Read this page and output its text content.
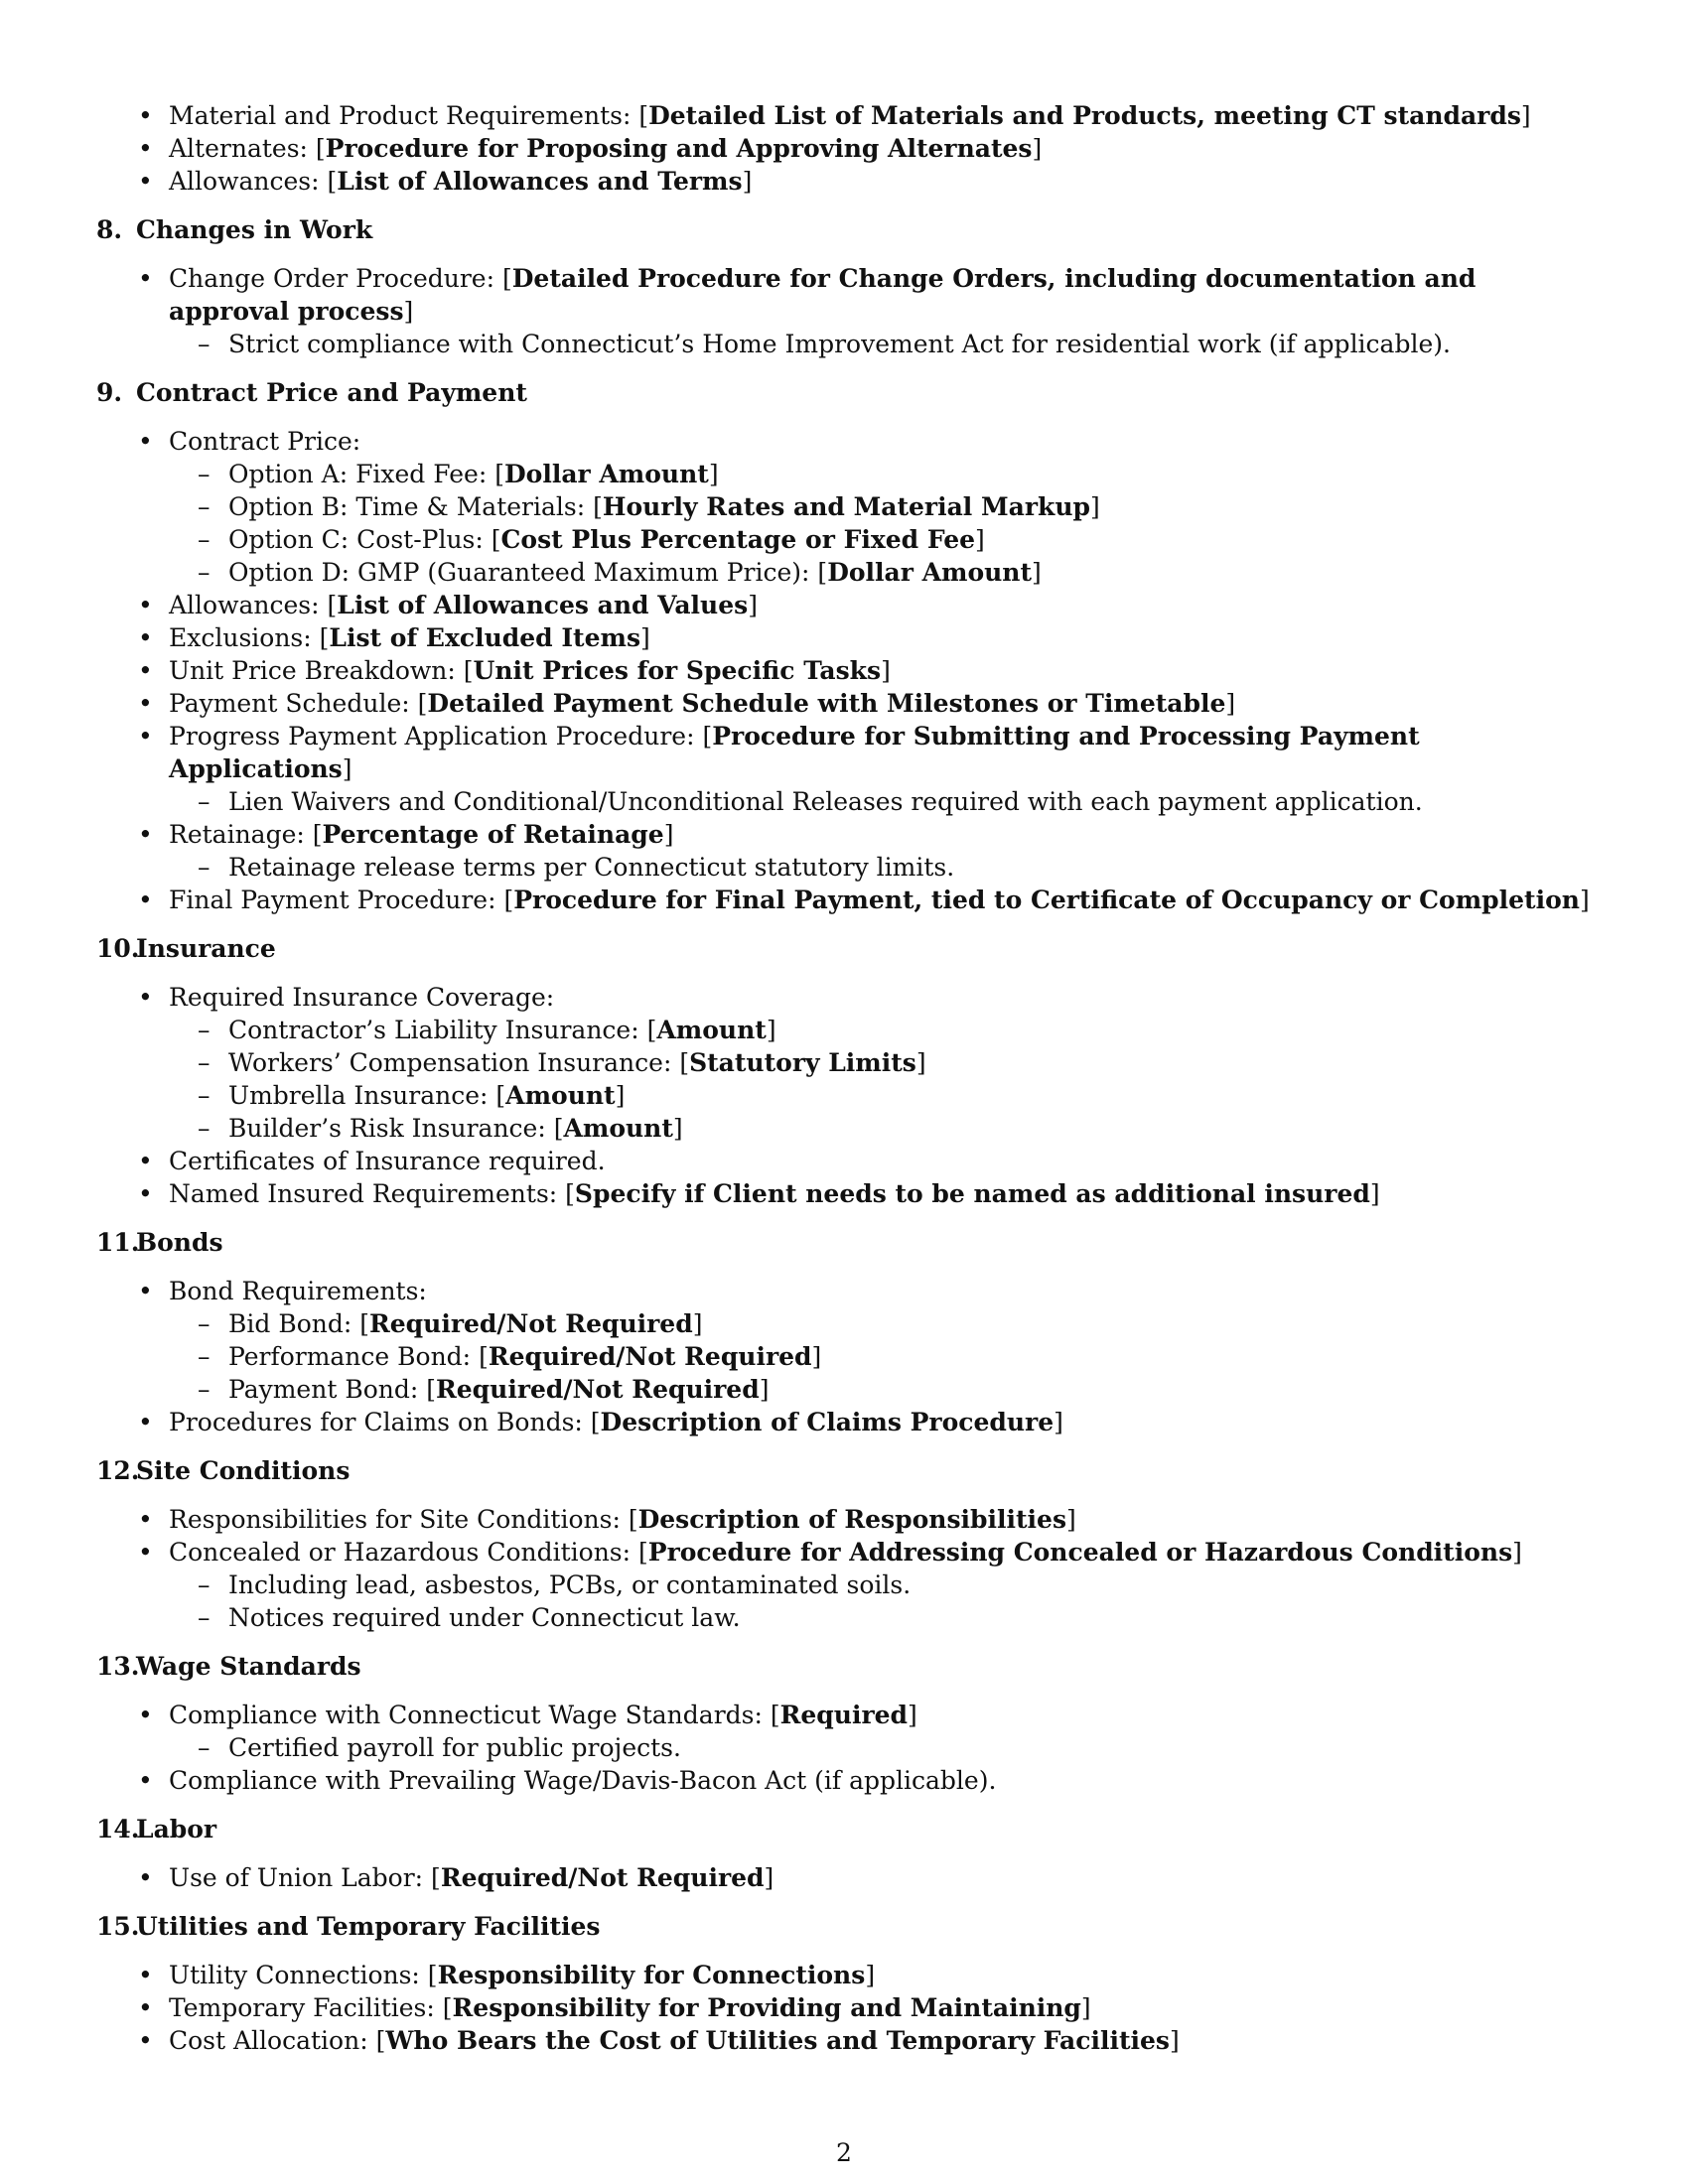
• Material and Product Requirements: [Detailed List of Materials and Products, meeting CT standards]
• Alternates: [Procedure for Proposing and Approving Alternates]
• Allowances: [List of Allowances and Terms]
8. Changes in Work
• Change Order Procedure: [Detailed Procedure for Change Orders, including documentation and approval process]
– Strict compliance with Connecticut’s Home Improvement Act for residential work (if applicable).
9. Contract Price and Payment
• Contract Price:
– Option A: Fixed Fee: [Dollar Amount]
– Option B: Time & Materials: [Hourly Rates and Material Markup]
– Option C: Cost-Plus: [Cost Plus Percentage or Fixed Fee]
– Option D: GMP (Guaranteed Maximum Price): [Dollar Amount]
• Allowances: [List of Allowances and Values]
• Exclusions: [List of Excluded Items]
• Unit Price Breakdown: [Unit Prices for Specific Tasks]
• Payment Schedule: [Detailed Payment Schedule with Milestones or Timetable]
• Progress Payment Application Procedure: [Procedure for Submitting and Processing Payment Applications]
– Lien Waivers and Conditional/Unconditional Releases required with each payment application.
• Retainage: [Percentage of Retainage]
– Retainage release terms per Connecticut statutory limits.
• Final Payment Procedure: [Procedure for Final Payment, tied to Certificate of Occupancy or Completion]
10.Insurance
• Required Insurance Coverage:
– Contractor’s Liability Insurance: [Amount]
– Workers’ Compensation Insurance: [Statutory Limits]
– Umbrella Insurance: [Amount]
– Builder’s Risk Insurance: [Amount]
• Certificates of Insurance required.
• Named Insured Requirements: [Specify if Client needs to be named as additional insured]
11.Bonds
• Bond Requirements:
– Bid Bond: [Required/Not Required]
– Performance Bond: [Required/Not Required]
– Payment Bond: [Required/Not Required]
• Procedures for Claims on Bonds: [Description of Claims Procedure]
12.Site Conditions
• Responsibilities for Site Conditions: [Description of Responsibilities]
• Concealed or Hazardous Conditions: [Procedure for Addressing Concealed or Hazardous Conditions]
– Including lead, asbestos, PCBs, or contaminated soils.
– Notices required under Connecticut law.
13.Wage Standards
• Compliance with Connecticut Wage Standards: [Required]
– Certified payroll for public projects.
• Compliance with Prevailing Wage/Davis-Bacon Act (if applicable).
14.Labor
• Use of Union Labor: [Required/Not Required]
15.Utilities and Temporary Facilities
• Utility Connections: [Responsibility for Connections]
• Temporary Facilities: [Responsibility for Providing and Maintaining]
• Cost Allocation: [Who Bears the Cost of Utilities and Temporary Facilities]
2
